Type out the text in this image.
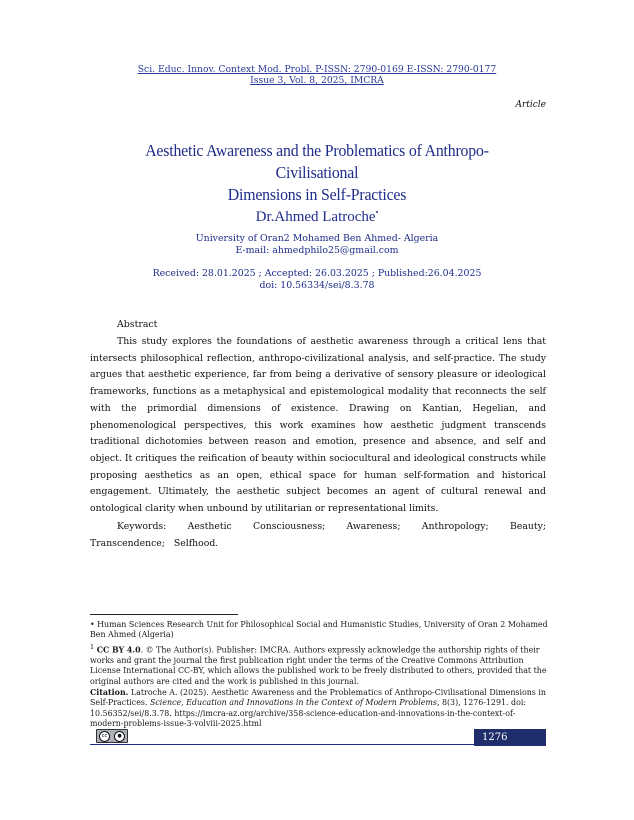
Sci. Educ. Innov. Context Mod. Probl. P-ISSN: 2790-0169 E-ISSN: 2790-0177
Issue 3, Vol. 8, 2025, IMCRA
Article
Aesthetic Awareness and the Problematics of Anthropo-Civilisational
Dimensions in Self-Practices
Dr.Ahmed Latroche•
University of Oran2 Mohamed Ben Ahmed- Algeria
E-mail: ahmedphilo25@gmail.com
Received: 28.01.2025 ; Accepted: 26.03.2025 ; Published:26.04.2025
doi: 10.56334/sei/8.3.78
Abstract
This study explores the foundations of aesthetic awareness through a critical lens that intersects philosophical reflection, anthropo-civilizational analysis, and self-practice. The study argues that aesthetic experience, far from being a derivative of sensory pleasure or ideological frameworks, functions as a metaphysical and epistemological modality that reconnects the self with the primordial dimensions of existence. Drawing on Kantian, Hegelian, and phenomenological perspectives, this work examines how aesthetic judgment transcends traditional dichotomies between reason and emotion, presence and absence, and self and object. It critiques the reification of beauty within sociocultural and ideological constructs while proposing aesthetics as an open, ethical space for human self-formation and historical engagement. Ultimately, the aesthetic subject becomes an agent of cultural renewal and ontological clarity when unbound by utilitarian or representational limits.
Keywords: Aesthetic Consciousness; Awareness; Anthropology; Beauty; Transcendence; Selfhood.

• Human Sciences Research Unit for Philosophical Social and Humanistic Studies, University of Oran 2 Mohamed Ben Ahmed (Algeria)

$^1$ CC BY 4.0. © The Author(s). Publisher: IMCRA. Authors expressly acknowledge the authorship rights of their works and grant the journal the first publication right under the terms of the Creative Commons Attribution License International CC-BY, which allows the published work to be freely distributed to others, provided that the original authors are cited and the work is published in this journal.

Citation. Latroche A. (2025). Aesthetic Awareness and the Problematics of Anthropo-Civilisational Dimensions in Self-Practices. Science, Education and Innovations in the Context of Modern Problems, 8(3), 1276-1291. doi: 10.56352/sei/8.3.78. https://imcra-az.org/archive/358-science-education-and-innovations-in-the-context-of-modern-problems-issue-3-volviii-2025.html

cc	●	1276
